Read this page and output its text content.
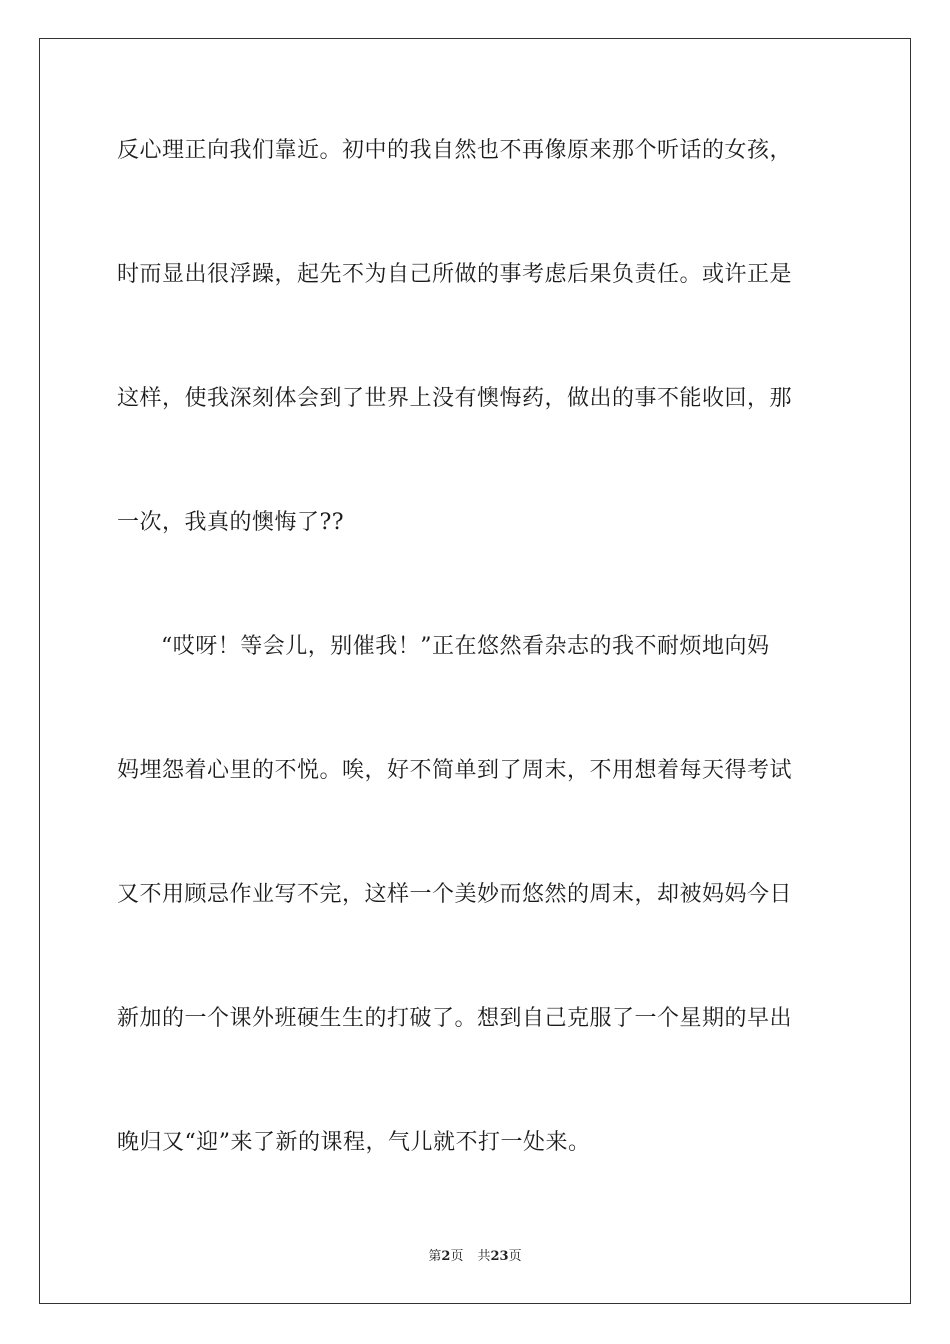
反心理正向我们靠近。初中的我自然也不再像原来那个听话的女孩，
时而显出很浮躁，起先不为自己所做的事考虑后果负责任。或许正是
这样，使我深刻体会到了世界上没有懊悔药，做出的事不能收回，那
一次，我真的懊悔了??
“哎呀！等会儿，别催我！”正在悠然看杂志的我不耐烦地向妈
妈埋怨着心里的不悦。唉，好不简单到了周末，不用想着每天得考试
又不用顾忌作业写不完，这样一个美妙而悠然的周末，却被妈妈今日
新加的一个课外班硬生生的打破了。想到自己克服了一个星期的早出
晚归又“迎”来了新的课程，气儿就不打一处来。
第2页 共23页
